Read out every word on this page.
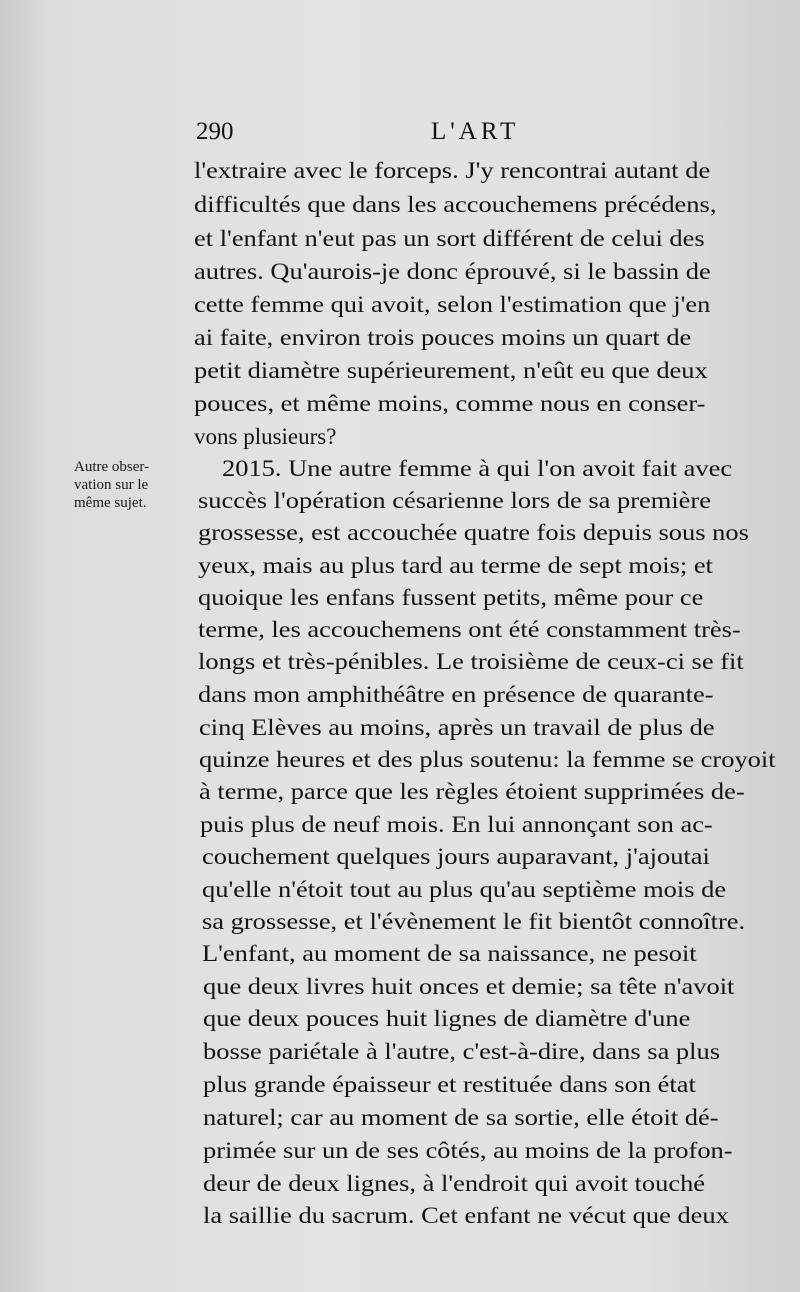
290	L'ART
Autre obser-
vation sur le
même sujet.
l'extraire avec le forceps. J'y rencontrai autant de
difficultés que dans les accouchemens précédens,
et l'enfant n'eut pas un sort différent de celui des
autres. Qu'aurois-je donc éprouvé, si le bassin de
cette femme qui avoit, selon l'estimation que j'en
ai faite, environ trois pouces moins un quart de
petit diamètre supérieurement, n'eût eu que deux
pouces, et même moins, comme nous en conser-
vons plusieurs?
2015. Une autre femme à qui l'on avoit fait avec
succès l'opération césarienne lors de sa première
grossesse, est accouchée quatre fois depuis sous nos
yeux, mais au plus tard au terme de sept mois; et
quoique les enfans fussent petits, même pour ce
terme, les accouchemens ont été constamment très-
longs et très-pénibles. Le troisième de ceux-ci se fit
dans mon amphithéâtre en présence de quarante-
cinq Elèves au moins, après un travail de plus de
quinze heures et des plus soutenu: la femme se croyoit
à terme, parce que les règles étoient supprimées de-
puis plus de neuf mois. En lui annonçant son ac-
couchement quelques jours auparavant, j'ajoutai
qu'elle n'étoit tout au plus qu'au septième mois de
sa grossesse, et l'évènement le fit bientôt connoître.
L'enfant, au moment de sa naissance, ne pesoit
que deux livres huit onces et demie; sa tête n'avoit
que deux pouces huit lignes de diamètre d'une
bosse pariétale à l'autre, c'est-à-dire, dans sa plus
plus grande épaisseur et restituée dans son état
naturel; car au moment de sa sortie, elle étoit dé-
primée sur un de ses côtés, au moins de la profon-
deur de deux lignes, à l'endroit qui avoit touché
la saillie du sacrum. Cet enfant ne vécut que deux
